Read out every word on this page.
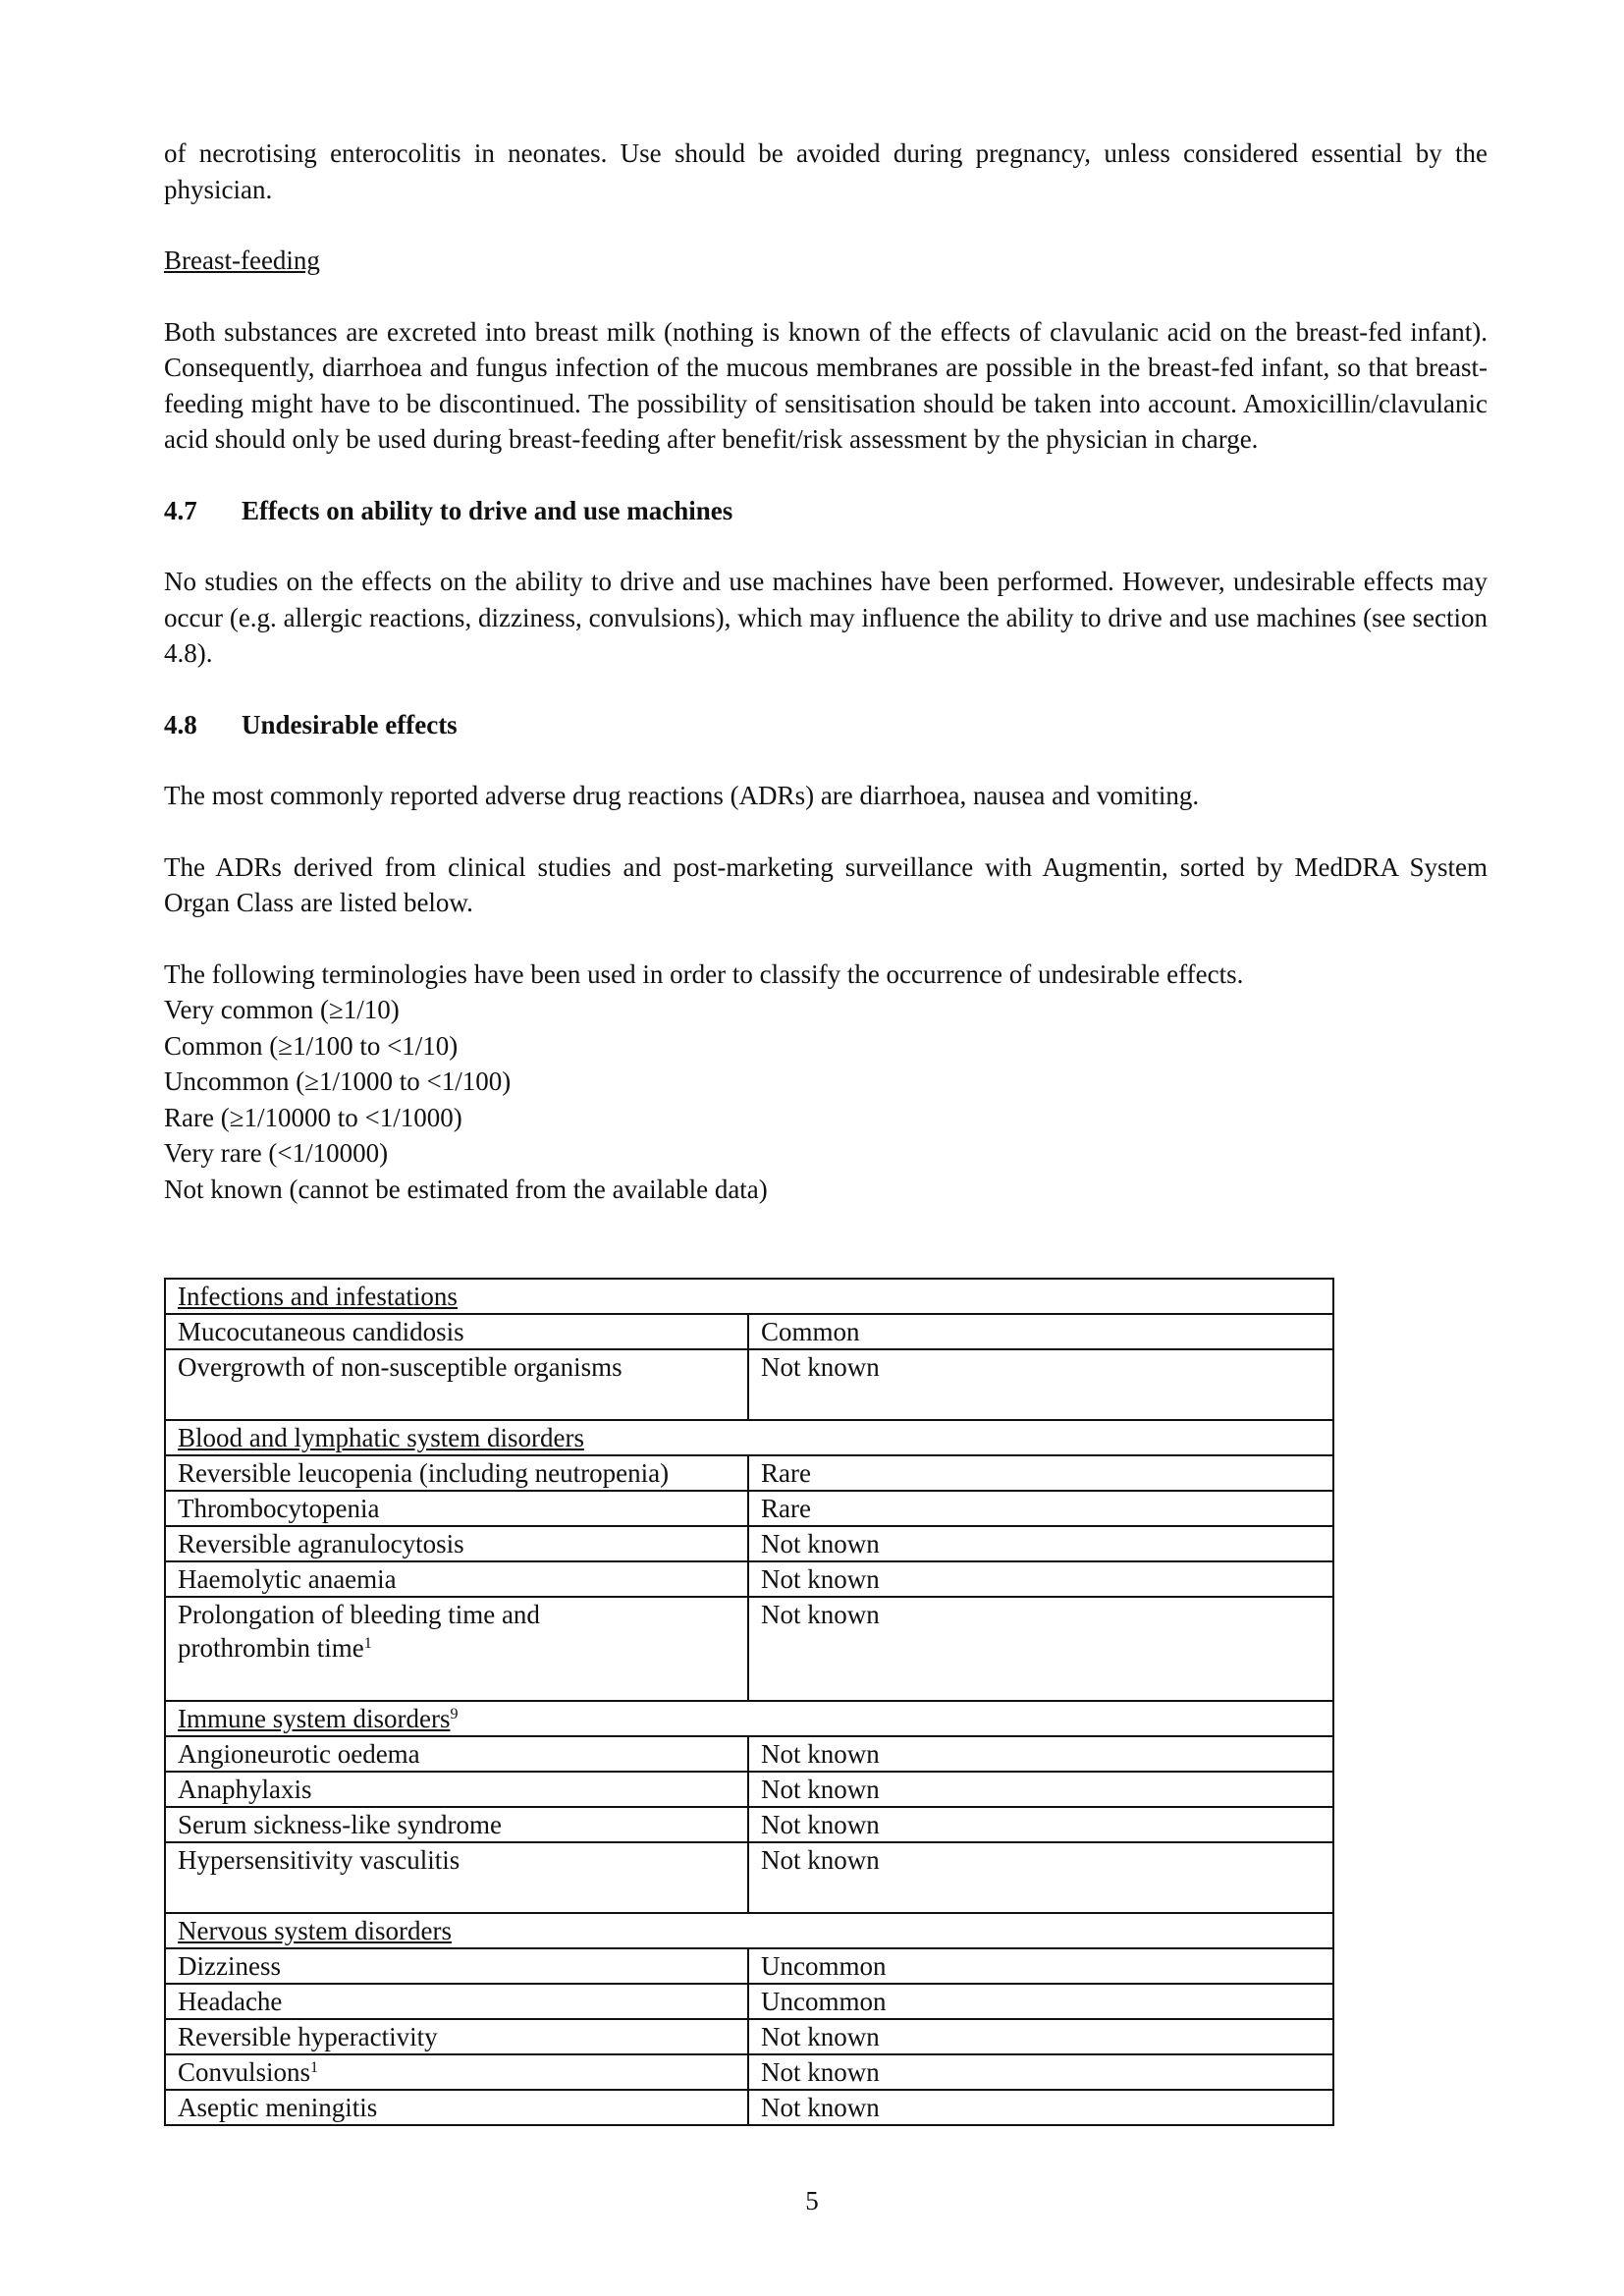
of necrotising enterocolitis in neonates. Use should be avoided during pregnancy, unless considered essential by the physician.

Breast-feeding

Both substances are excreted into breast milk (nothing is known of the effects of clavulanic acid on the breast-fed infant). Consequently, diarrhoea and fungus infection of the mucous membranes are possible in the breast-fed infant, so that breast-feeding might have to be discontinued. The possibility of sensitisation should be taken into account. Amoxicillin/clavulanic acid should only be used during breast-feeding after benefit/risk assessment by the physician in charge.

4.7 Effects on ability to drive and use machines

No studies on the effects on the ability to drive and use machines have been performed. However, undesirable effects may occur (e.g. allergic reactions, dizziness, convulsions), which may influence the ability to drive and use machines (see section 4.8).

4.8 Undesirable effects

The most commonly reported adverse drug reactions (ADRs) are diarrhoea, nausea and vomiting.

The ADRs derived from clinical studies and post-marketing surveillance with Augmentin, sorted by MedDRA System Organ Class are listed below.

The following terminologies have been used in order to classify the occurrence of undesirable effects.

Very common (≥1/10)

Common (≥1/100 to <1/10)

Uncommon (≥1/1000 to <1/100)

Rare (≥1/10000 to <1/1000)

Very rare (<1/10000)

Not known (cannot be estimated from the available data)

Infections and infestations	
Mucocutaneous candidosis	Common
Overgrowth of non-susceptible organisms	Not known
Blood and lymphatic system disorders	
Reversible leucopenia (including neutropenia)	Rare
Thrombocytopenia	Rare
Reversible agranulocytosis	Not known
Haemolytic anaemia	Not known
Prolongation of bleeding time and
prothrombin time$^1$	Not known
Immune system disorders$^9$
Angioneurotic oedema	Not known
Anaphylaxis	Not known
Serum sickness-like syndrome	Not known
Hypersensitivity vasculitis	Not known
Nervous system disorders	
Dizziness	Uncommon
Headache	Uncommon
Reversible hyperactivity	Not known
Convulsions$^1$	Not known
Aseptic meningitis	Not known
5
